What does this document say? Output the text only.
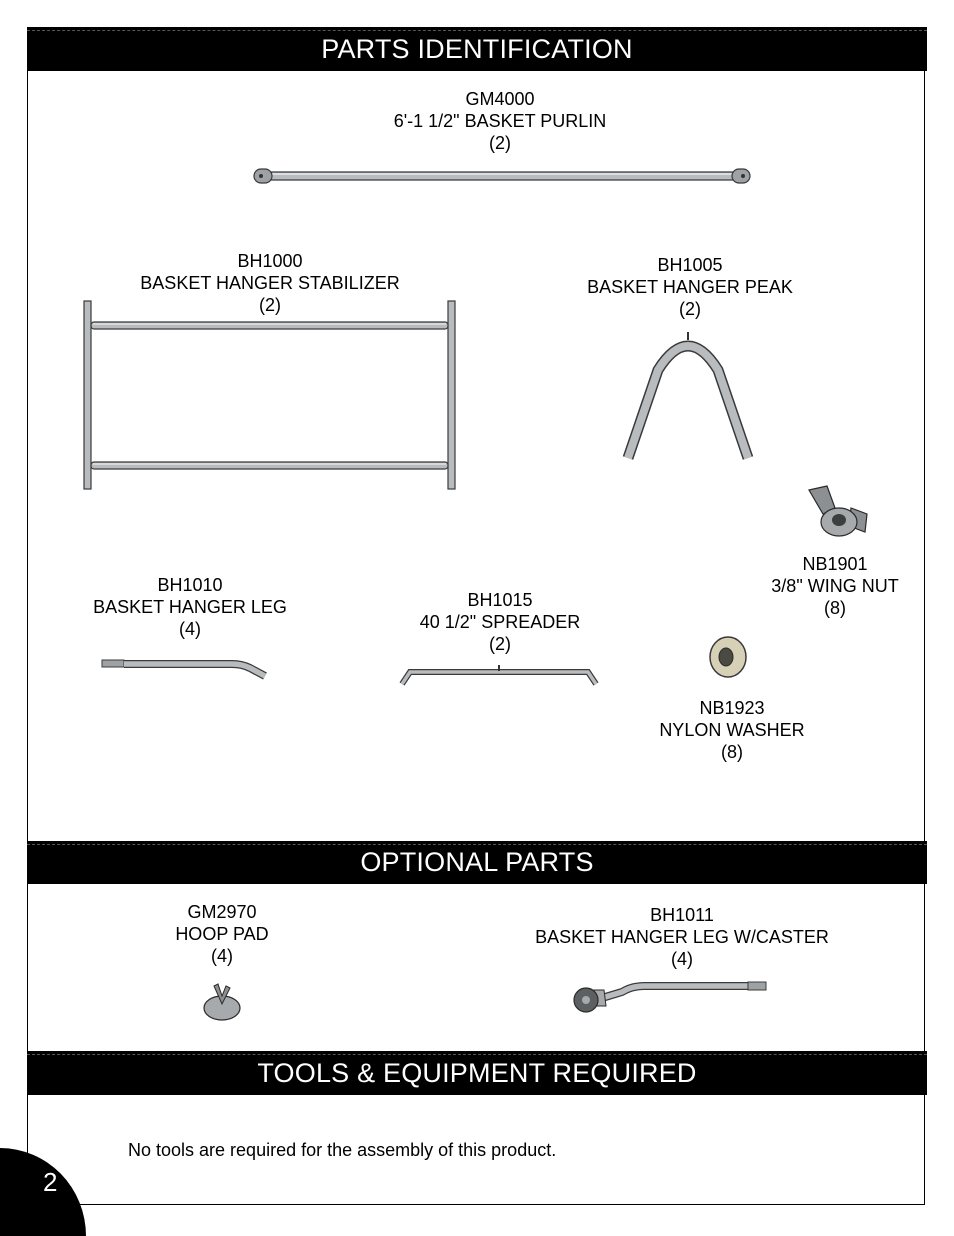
PARTS IDENTIFICATION
OPTIONAL PARTS
TOOLS & EQUIPMENT REQUIRED
GM4000
6'-1 1/2" BASKET PURLIN
(2)
BH1000
BASKET HANGER STABILIZER
(2)
BH1005
BASKET HANGER PEAK
(2)
NB1901
3/8" WING NUT
(8)
BH1010
BASKET HANGER LEG
(4)
BH1015
40 1/2" SPREADER
(2)
NB1923
NYLON WASHER
(8)
GM2970
HOOP PAD
(4)
BH1011
BASKET HANGER LEG W/CASTER
(4)
No tools are required for the assembly of this product.
2
